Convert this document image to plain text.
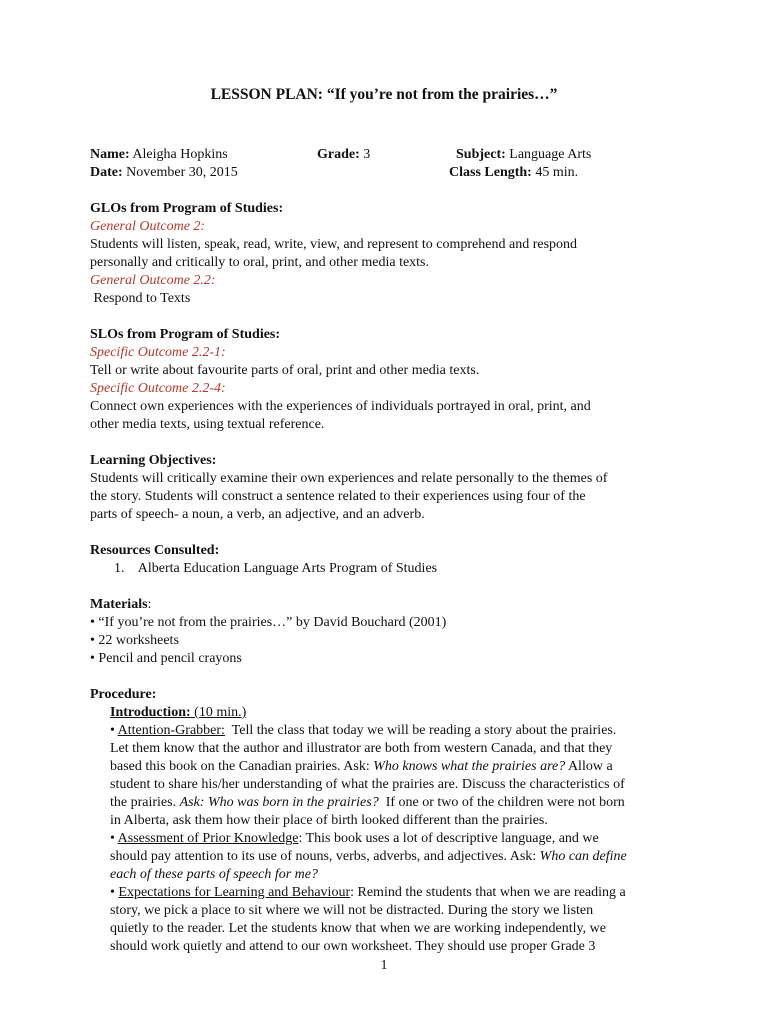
LESSON PLAN: “If you’re not from the prairies…”
Name: Aleigha Hopkins	Grade: 3	Subject: Language Arts
Date: November 30, 2015	Class Length: 45 min.
GLOs from Program of Studies:
General Outcome 2:
Students will listen, speak, read, write, view, and represent to comprehend and respond
personally and critically to oral, print, and other media texts.
General Outcome 2.2:
Respond to Texts
SLOs from Program of Studies:
Specific Outcome 2.2-1:
Tell or write about favourite parts of oral, print and other media texts.
Specific Outcome 2.2-4:
Connect own experiences with the experiences of individuals portrayed in oral, print, and
other media texts, using textual reference.
Learning Objectives:
Students will critically examine their own experiences and relate personally to the themes of
the story. Students will construct a sentence related to their experiences using four of the
parts of speech- a noun, a verb, an adjective, and an adverb.
Resources Consulted:
1.    Alberta Education Language Arts Program of Studies
Materials:
• “If you’re not from the prairies…” by David Bouchard (2001)
• 22 worksheets
• Pencil and pencil crayons
Procedure:
Introduction: (10 min.)
• Attention-Grabber:  Tell the class that today we will be reading a story about the prairies.
Let them know that the author and illustrator are both from western Canada, and that they
based this book on the Canadian prairies. Ask: Who knows what the prairies are? Allow a
student to share his/her understanding of what the prairies are. Discuss the characteristics of
the prairies. Ask: Who was born in the prairies?  If one or two of the children were not born
in Alberta, ask them how their place of birth looked different than the prairies.
• Assessment of Prior Knowledge: This book uses a lot of descriptive language, and we
should pay attention to its use of nouns, verbs, adverbs, and adjectives. Ask: Who can define
each of these parts of speech for me?
• Expectations for Learning and Behaviour: Remind the students that when we are reading a
story, we pick a place to sit where we will not be distracted. During the story we listen
quietly to the reader. Let the students know that when we are working independently, we
should work quietly and attend to our own worksheet. They should use proper Grade 3
1
